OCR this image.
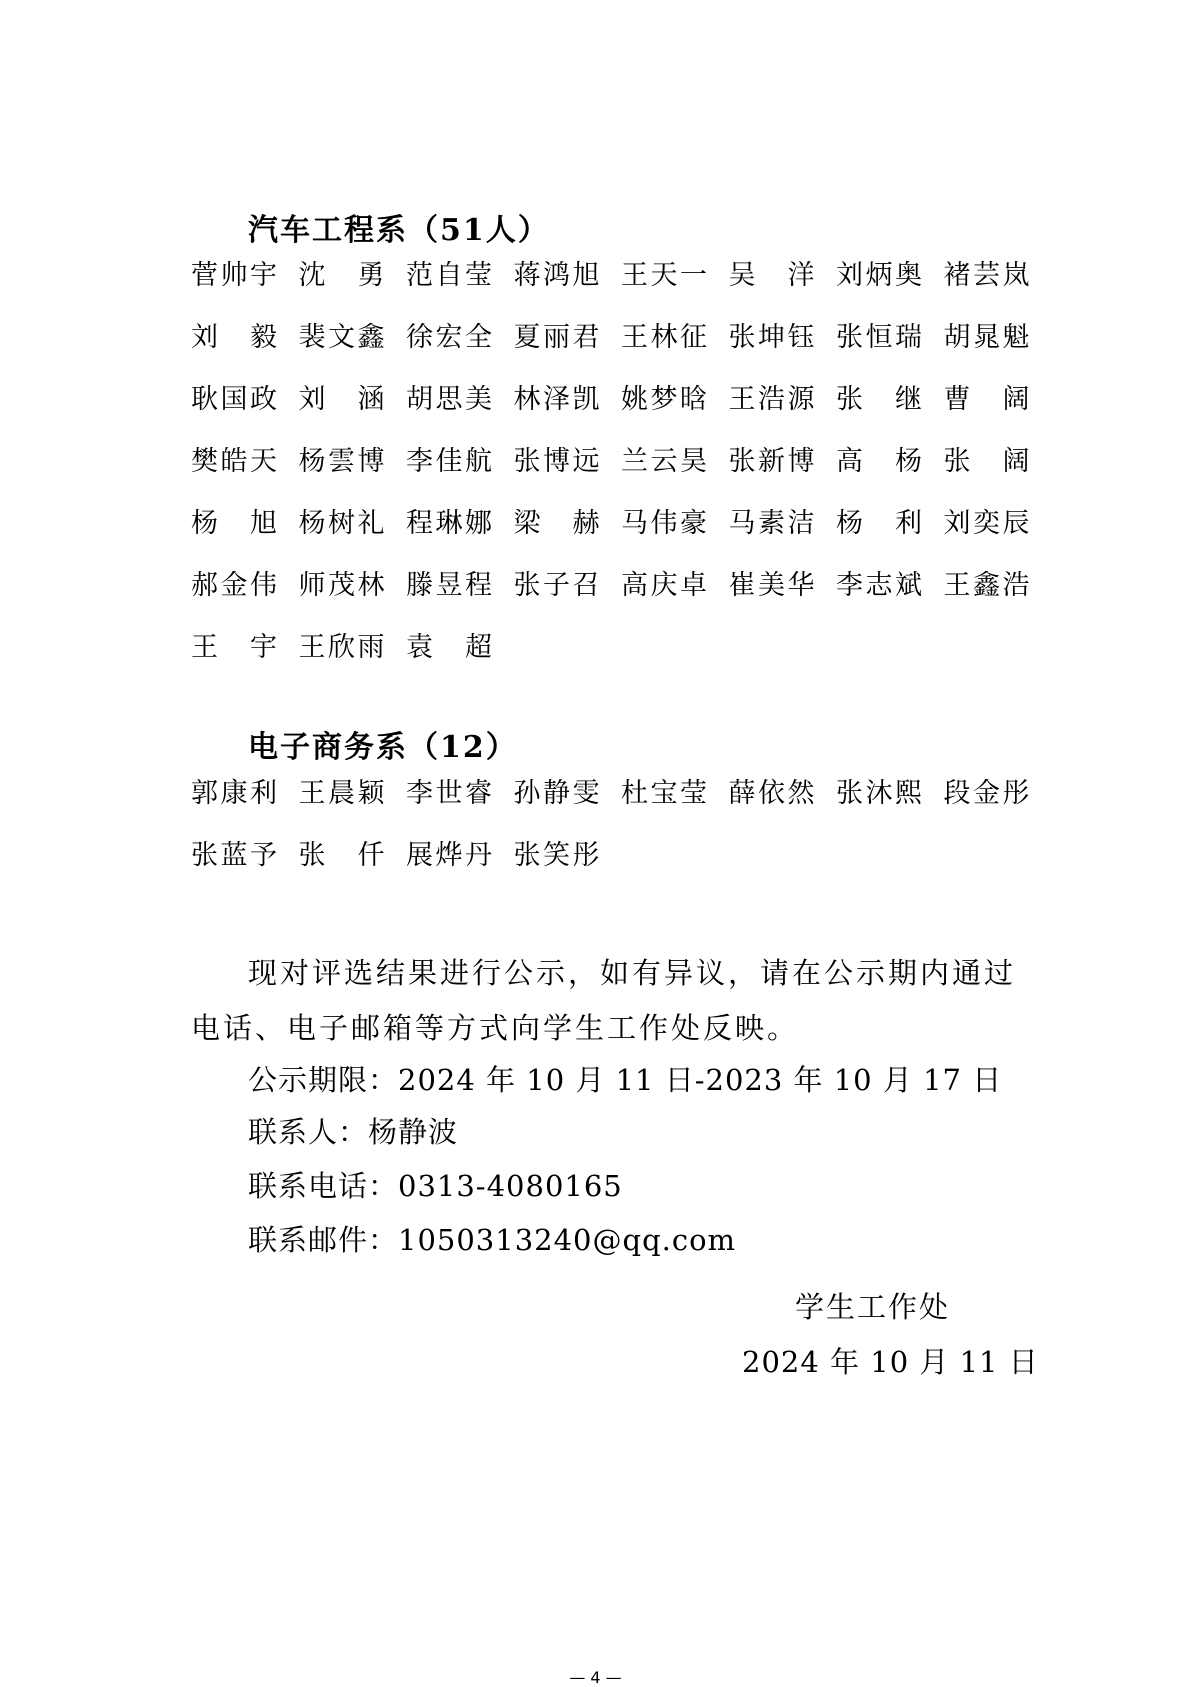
汽车工程系（51人）
菅 帅 宇 沈 勇 范 自 莹 蒋 鸿 旭 王 天 一 吴 洋 刘 炳 奥 褚 芸 岚
刘 毅 裴 文 鑫 徐 宏 全 夏 丽 君 王 林 征 张 坤 钰 张 恒 瑞 胡 晁 魁
耿 国 政 刘 涵 胡 思 美 林 泽 凯 姚 梦 晗 王 浩 源 张 继 曹 阔
樊 皓 天 杨 雲 博 李 佳 航 张 博 远 兰 云 昊 张 新 博 高 杨 张 阔
杨 旭 杨 树 礼 程 琳 娜 梁 赫 马 伟 豪 马 素 洁 杨 利 刘 奕 辰
郝 金 伟 师 茂 林 滕 昱 程 张 子 召 高 庆 卓 崔 美 华 李 志 斌 王 鑫 浩
王 宇 王 欣 雨 袁 超
电子商务系（12）
郭 康 利 王 晨 颖 李 世 睿 孙 静 雯 杜 宝 莹 薛 依 然 张 沐 熙 段 金 彤
张 蓝 予 张 仟 展 烨 丹 张 笑 彤
现对评选结果进行公示，如有异议，请在公示期内通过
电话、电子邮箱等方式向学生工作处反映。
公示期限：2024 年 10 月 11 日-2023 年 10 月 17 日
联系人：杨静波
联系电话：0313-4080165
联系邮件：1050313240@qq.com
学生工作处
2024 年 10 月 11 日
— 4 —
